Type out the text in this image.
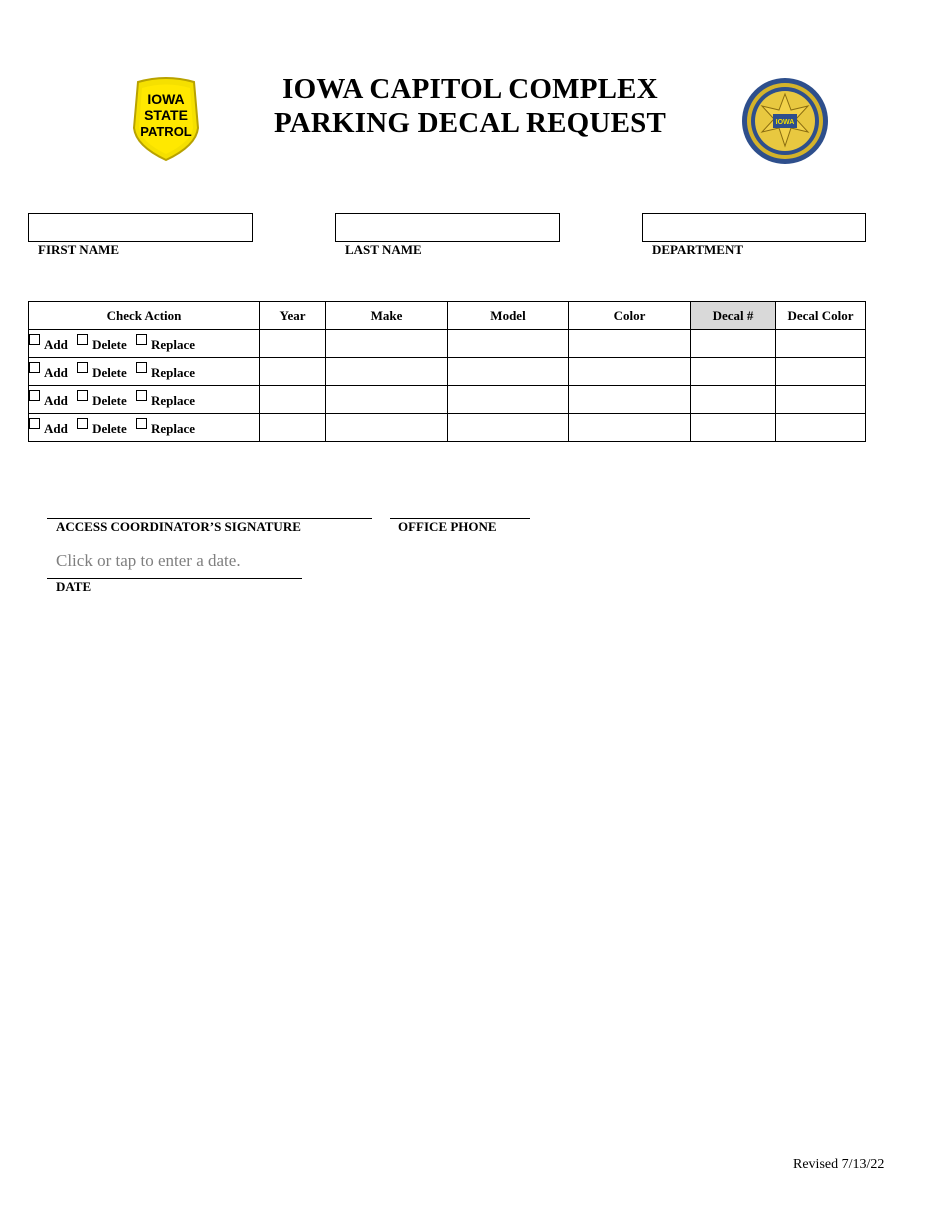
IOWA
STATE
PATROL
IOWA CAPITOL COMPLEX
PARKING DECAL REQUEST	IOWA
FIRST NAME	LAST NAME	DEPARTMENT
Check Action	Year	Make	Model	Color	Decal #	Decal Color
Add Delete Replace						
Add Delete Replace						
Add Delete Replace						
Add Delete Replace						
ACCESS COORDINATOR’S SIGNATURE	OFFICE PHONE
Click or tap to enter a date.
DATE
Revised 7/13/22
